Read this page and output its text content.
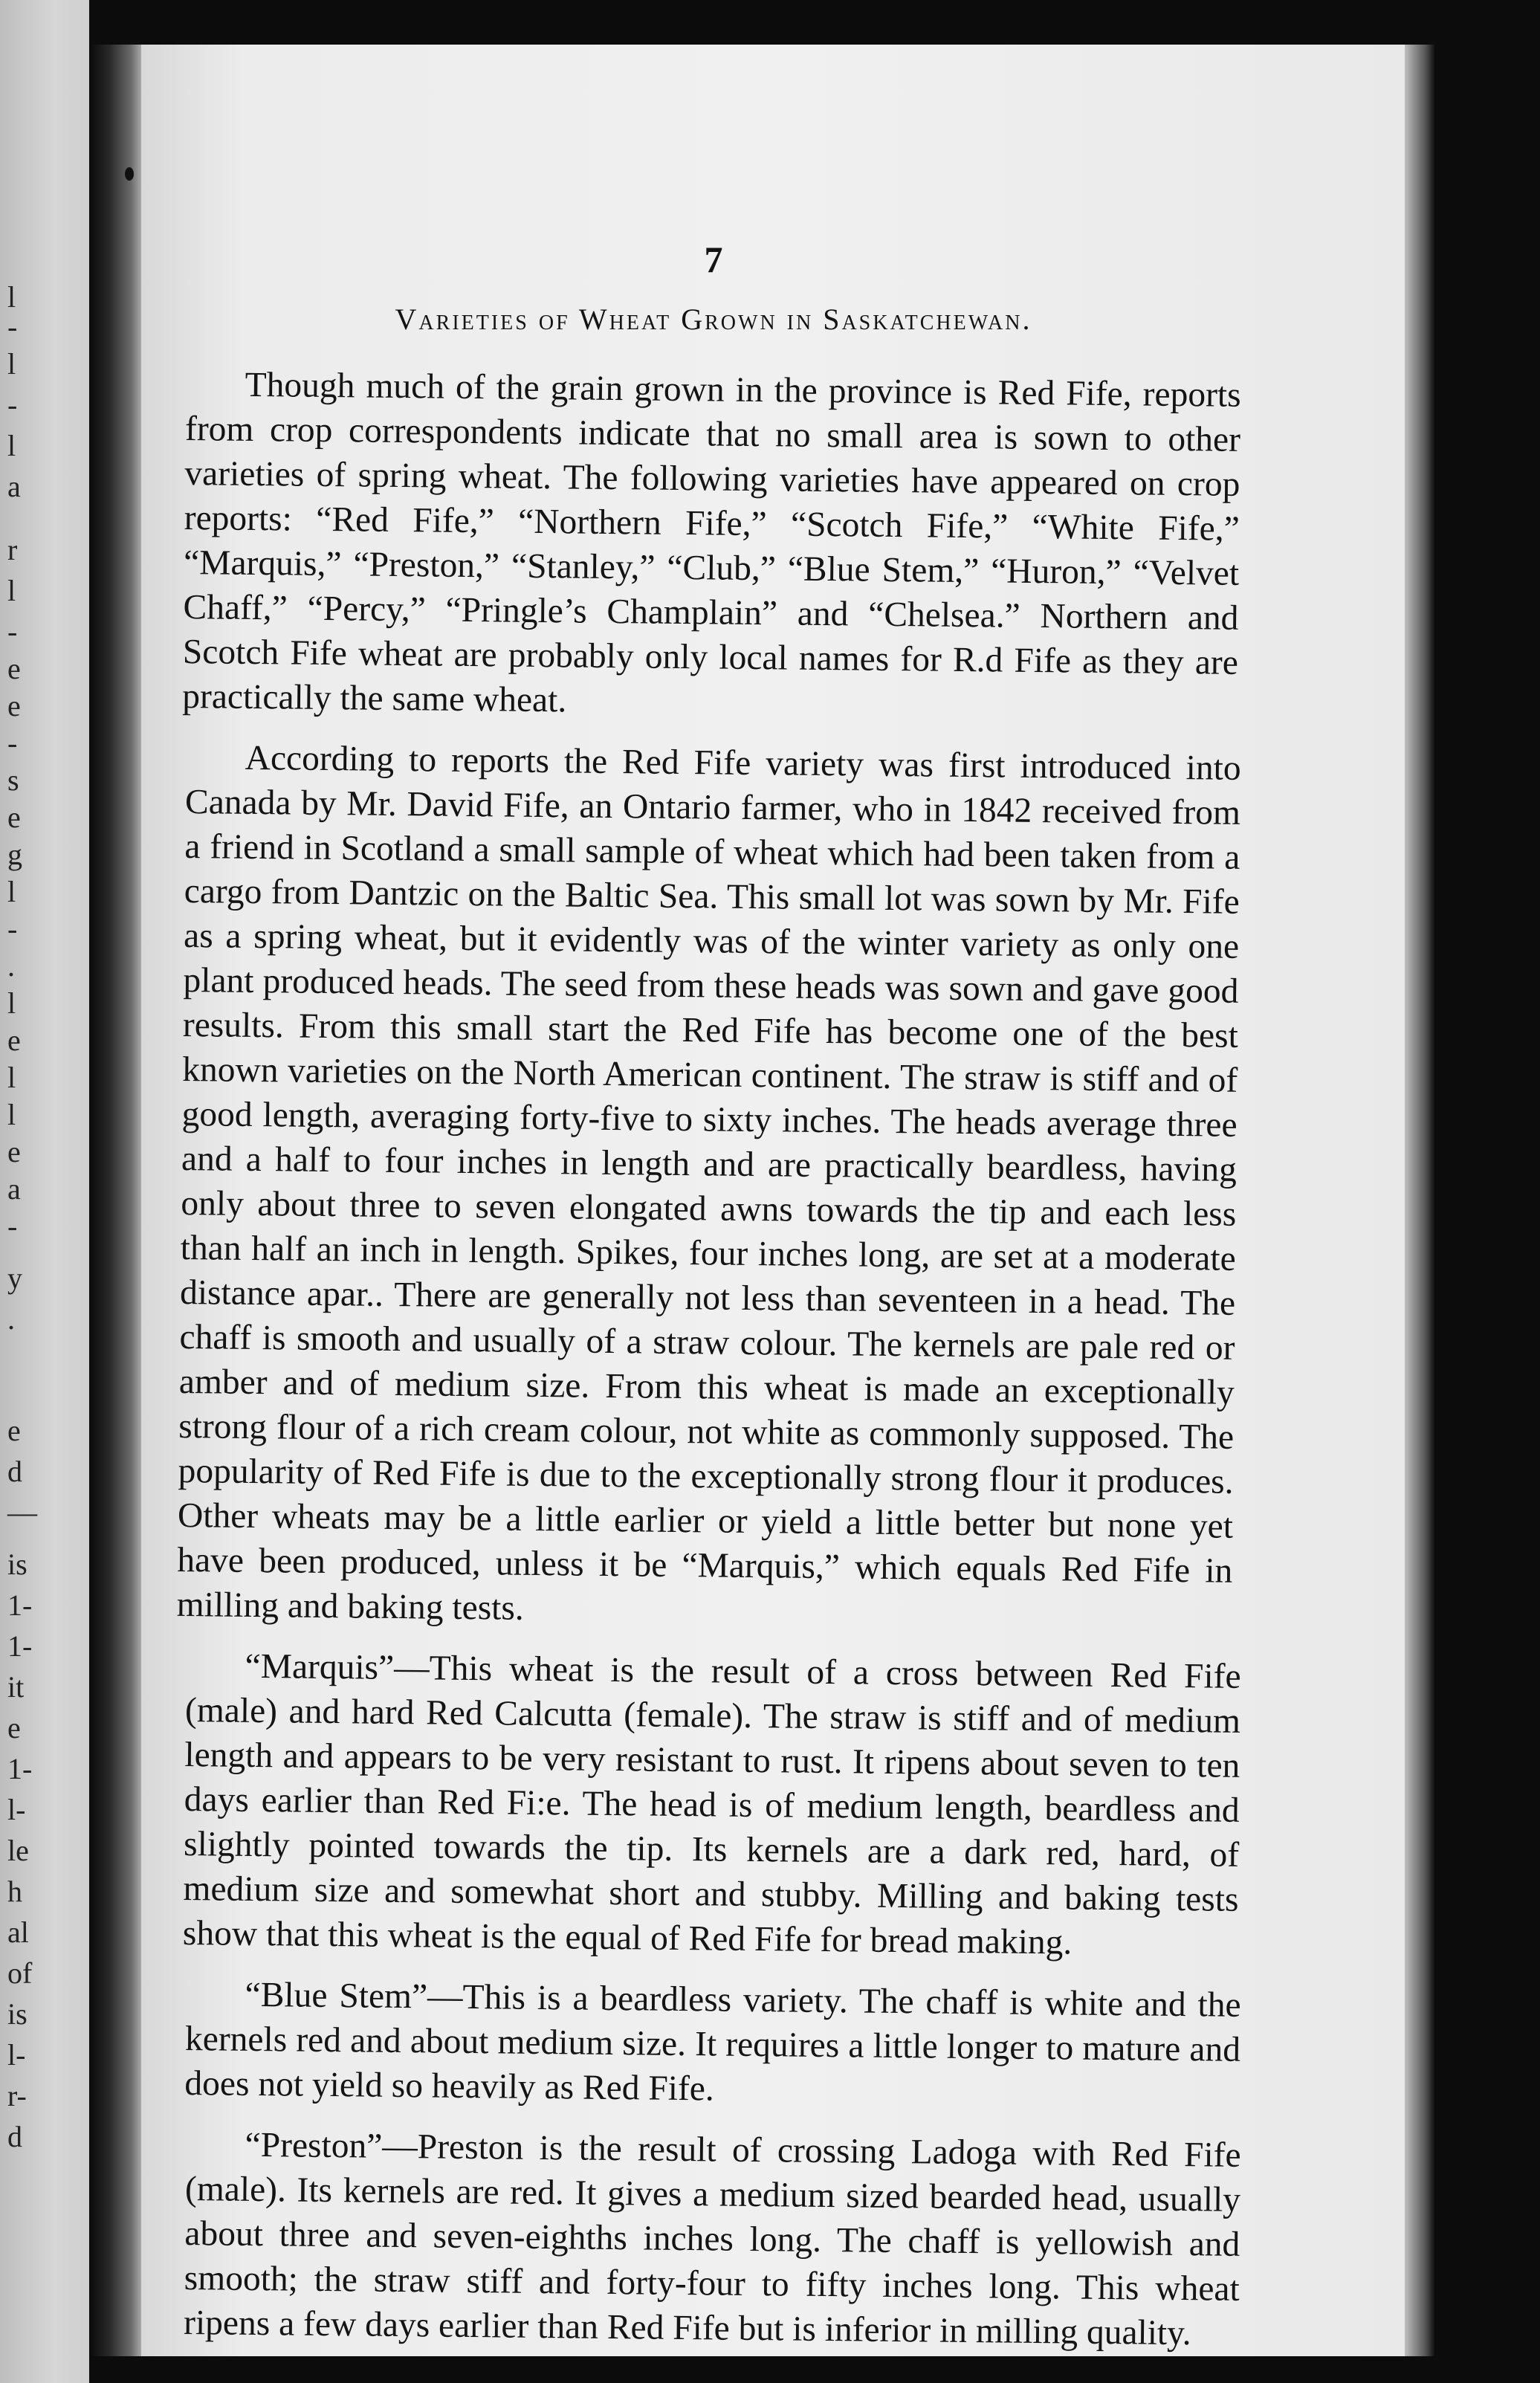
l
-
l
-
l
a
r
l
-
e
e
-
s
e
g
l
-
.
l
e
l
l
e
a
-
y
.
e
d
—
is
1-
1-
it
e
1-
l-
le
h
al
of
is
l-
r-
d
7
Varieties of Wheat Grown in Saskatchewan.

Though much of the grain grown in the province is Red Fife, reports from crop correspondents indicate that no small area is sown to other varieties of spring wheat. The following varieties have appeared on crop reports: “Red Fife,” “Northern Fife,” “Scotch Fife,” “White Fife,” “Marquis,” “Preston,” “Stanley,” “Club,” “Blue Stem,” “Huron,” “Velvet Chaff,” “Percy,” “Pringle’s Champlain” and “Chelsea.” Northern and Scotch Fife wheat are probably only local names for R.d Fife as they are practically the same wheat.

According to reports the Red Fife variety was first introduced into Canada by Mr. David Fife, an Ontario farmer, who in 1842 received from a friend in Scotland a small sample of wheat which had been taken from a cargo from Dantzic on the Baltic Sea. This small lot was sown by Mr. Fife as a spring wheat, but it evidently was of the winter variety as only one plant produced heads. The seed from these heads was sown and gave good results. From this small start the Red Fife has become one of the best known varieties on the North American continent. The straw is stiff and of good length, averaging forty-five to sixty inches. The heads average three and a half to four inches in length and are practically beardless, having only about three to seven elongated awns towards the tip and each less than half an inch in length. Spikes, four inches long, are set at a moderate distance apar.. There are generally not less than seventeen in a head. The chaff is smooth and usually of a straw colour. The kernels are pale red or amber and of medium size. From this wheat is made an exceptionally strong flour of a rich cream colour, not white as commonly supposed. The popularity of Red Fife is due to the exceptionally strong flour it produces. Other wheats may be a little earlier or yield a little better but none yet have been produced, unless it be “Marquis,” which equals Red Fife in milling and baking tests.

“Marquis”—This wheat is the result of a cross between Red Fife (male) and hard Red Calcutta (female). The straw is stiff and of medium length and appears to be very resistant to rust. It ripens about seven to ten days earlier than Red Fi:e. The head is of medium length, beardless and slightly pointed towards the tip. Its kernels are a dark red, hard, of medium size and somewhat short and stubby. Milling and baking tests show that this wheat is the equal of Red Fife for bread making.

“Blue Stem”—This is a beardless variety. The chaff is white and the kernels red and about medium size. It requires a little longer to mature and does not yield so heavily as Red Fife.

“Preston”—Preston is the result of crossing Ladoga with Red Fife (male). Its kernels are red. It gives a medium sized bearded head, usually about three and seven-eighths inches long. The chaff is yellowish and smooth; the straw stiff and forty-four to fifty inches long. This wheat ripens a few days earlier than Red Fife but is inferior in milling quality.
